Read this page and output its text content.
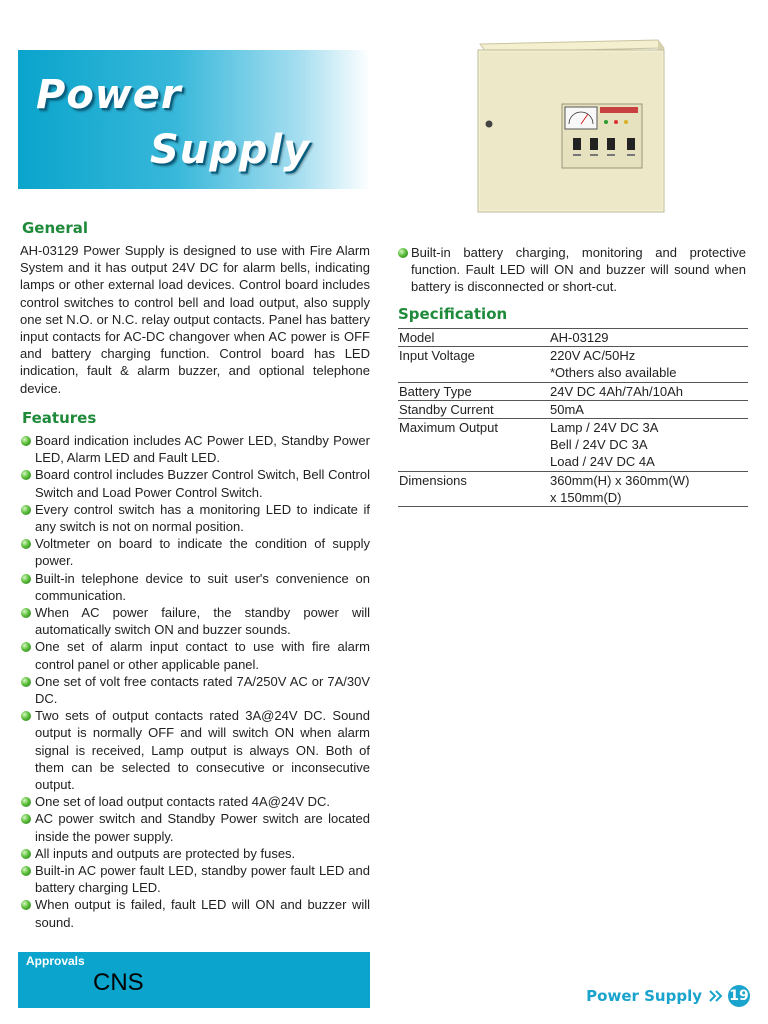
Power
Supply
General
AH-03129 Power Supply is designed to use with Fire Alarm System and it has output 24V DC for alarm bells, indicating lamps or other external load devices. Control board includes control switches to control bell and load output, also supply one set N.O. or N.C. relay output contacts. Panel has battery input contacts for AC-DC changover when AC power is OFF and battery charging function. Control board has LED indication, fault & alarm buzzer, and optional telephone device.
Features
Board indication includes AC Power LED, Standby Power LED, Alarm LED and Fault LED.
Board control includes Buzzer Control Switch, Bell Control Switch and Load Power Control Switch.
Every control switch has a monitoring LED to indicate if any switch is not on normal position.
Voltmeter on board to indicate the condition of supply power.
Built-in telephone device to suit user's convenience on communication.
When AC power failure, the standby power will automatically switch ON and buzzer sounds.
One set of alarm input contact to use with fire alarm control panel or other applicable panel.
One set of volt free contacts rated 7A/250V AC or 7A/30V DC.
Two sets of output contacts rated 3A@24V DC. Sound output is normally OFF and will switch ON when alarm signal is received, Lamp output is always ON. Both of them can be selected to consecutive or inconsecutive output.
One set of load output contacts rated 4A@24V DC.
AC power switch and Standby Power switch are located inside the power supply.
All inputs and outputs are protected by fuses.
Built-in AC power fault LED, standby power fault LED and battery charging LED.
When output is failed, fault LED will ON and buzzer will sound.
Built-in battery charging, monitoring and protective function. Fault LED will ON and buzzer will sound when battery is disconnected or short-cut.
Specification
Model	AH-03129

Input Voltage	220V AC/50Hz
*Others also available

Battery Type	24V DC 4Ah/7Ah/10Ah

Standby Current	50mA

Maximum Output	Lamp / 24V DC 3A
Bell / 24V DC 3A
Load / 24V DC 4A

Dimensions	360mm(H) x 360mm(W)
x 150mm(D)
Approvals
CNS	Power Supply 19
